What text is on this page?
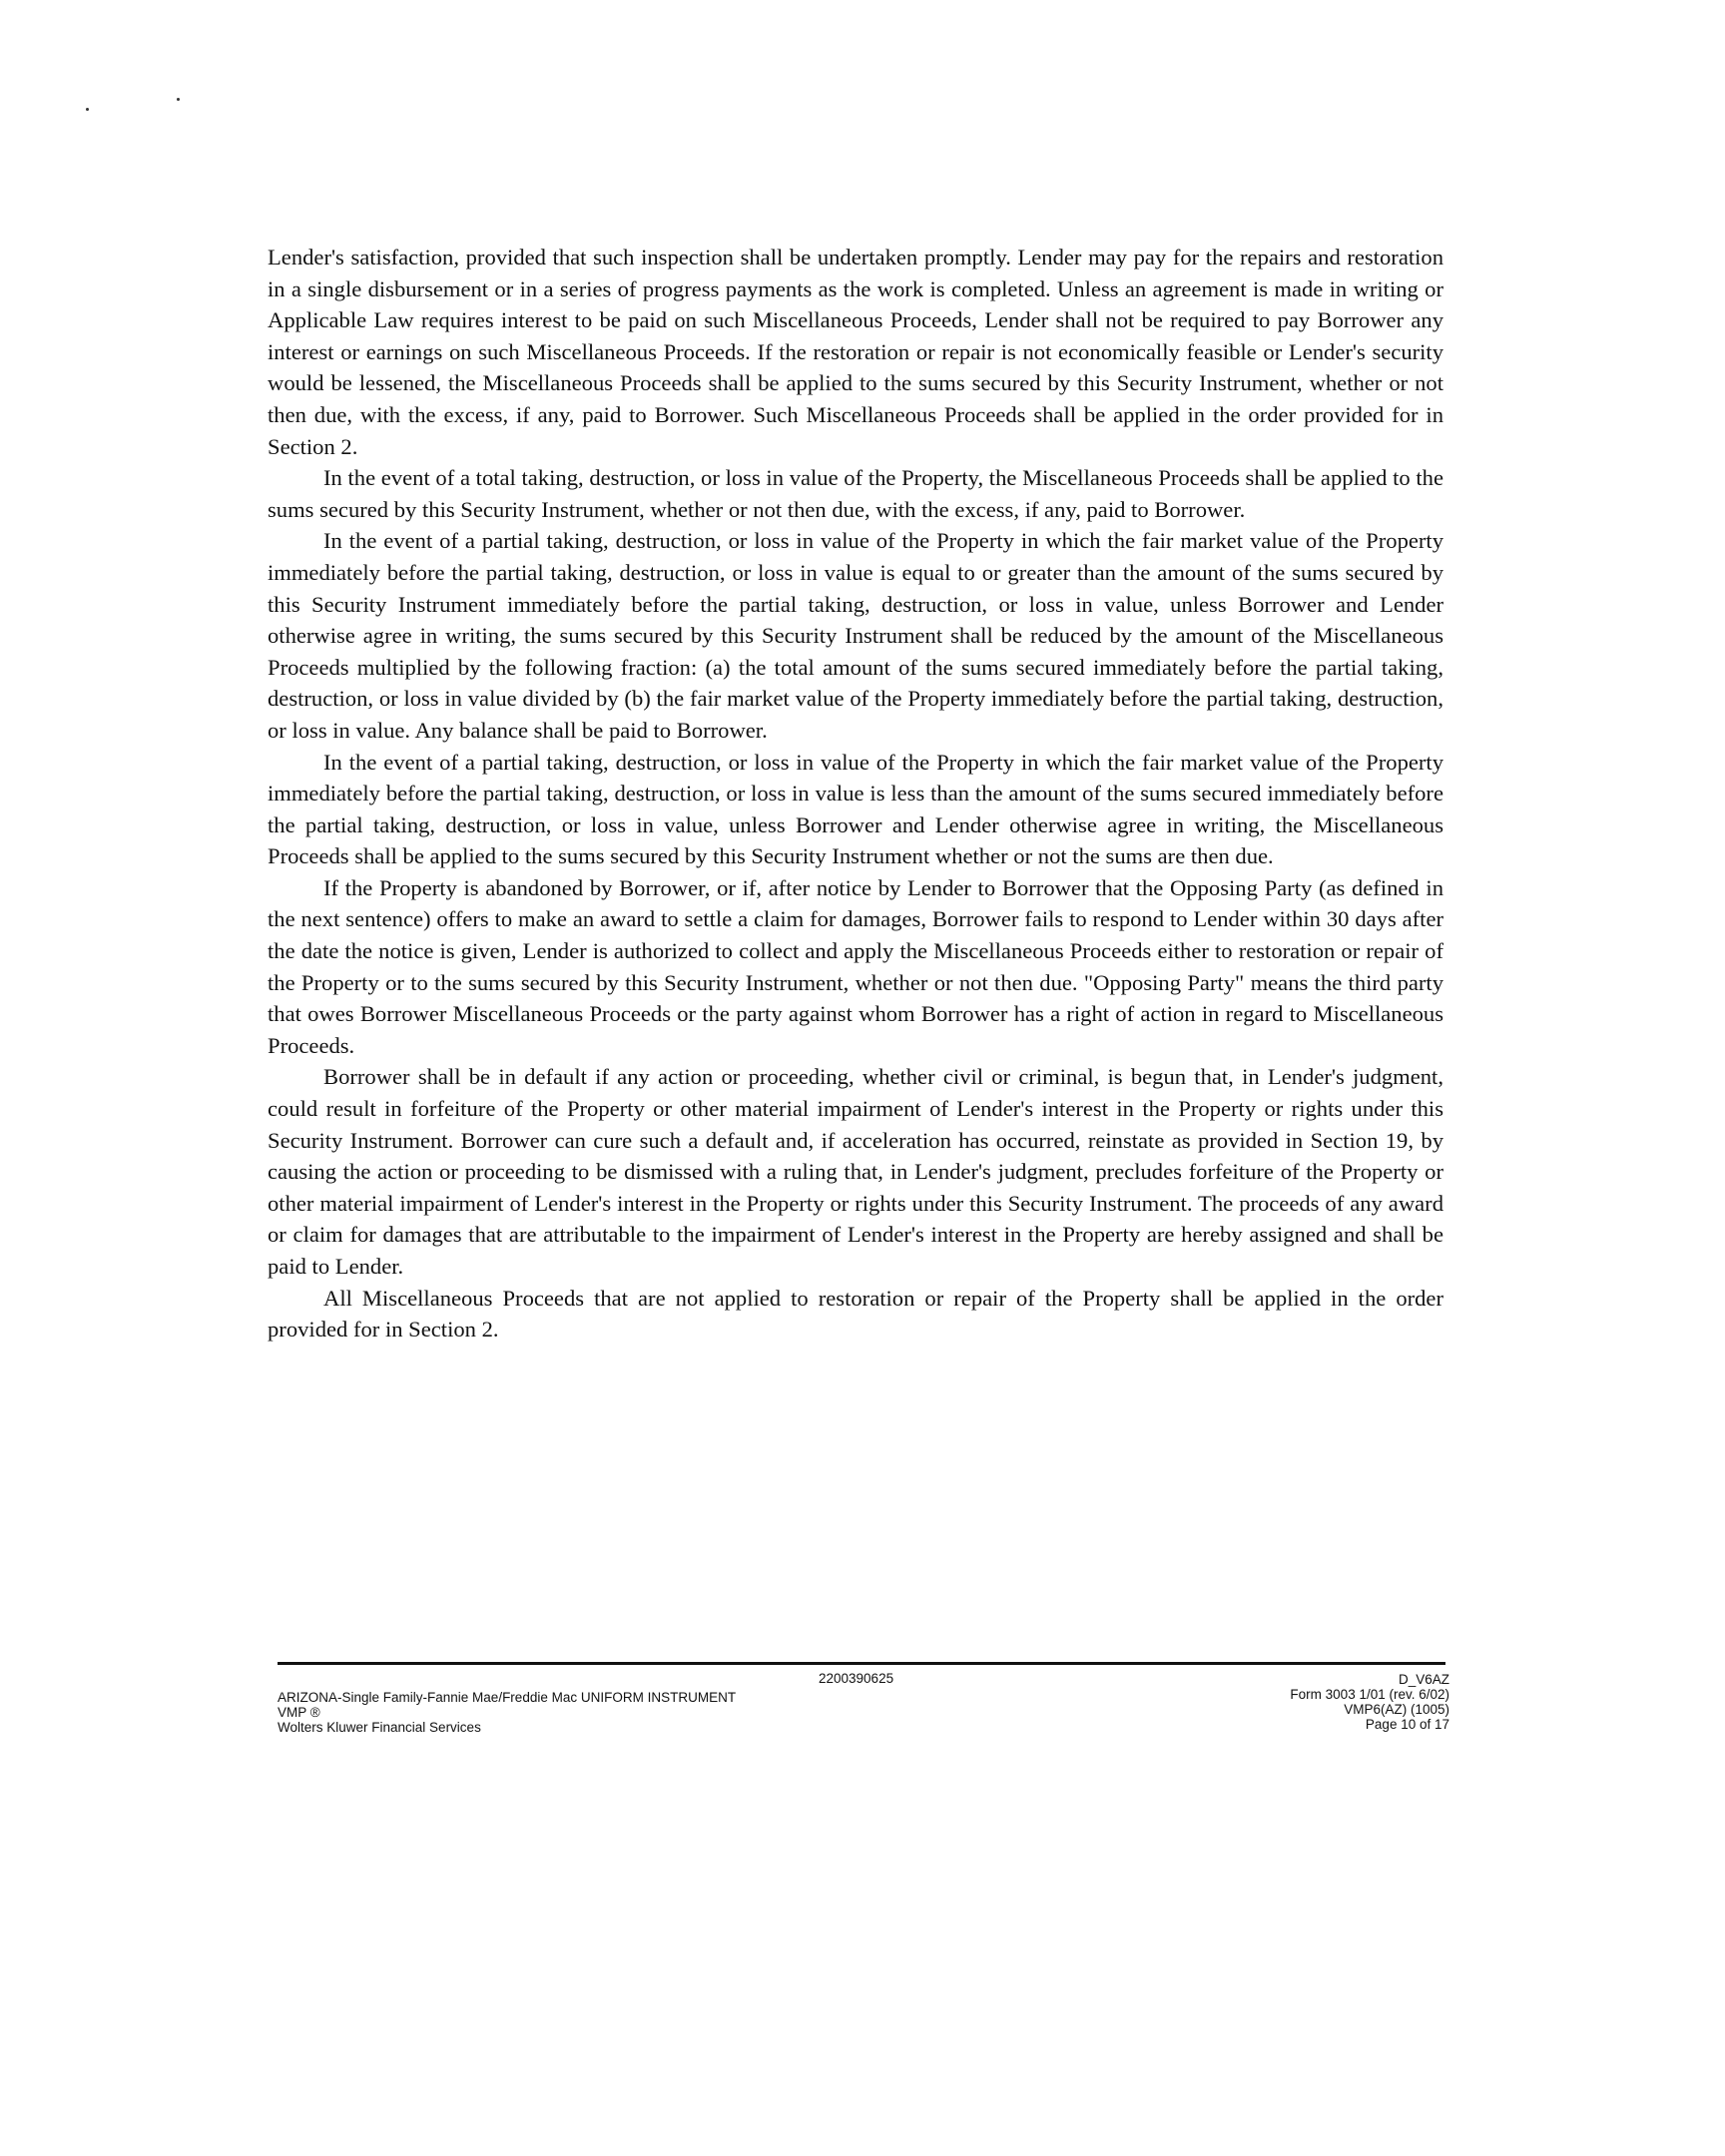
Lender's satisfaction, provided that such inspection shall be undertaken promptly. Lender may pay for the repairs and restoration in a single disbursement or in a series of progress payments as the work is completed. Unless an agreement is made in writing or Applicable Law requires interest to be paid on such Miscellaneous Proceeds, Lender shall not be required to pay Borrower any interest or earnings on such Miscellaneous Proceeds. If the restoration or repair is not economically feasible or Lender's security would be lessened, the Miscellaneous Proceeds shall be applied to the sums secured by this Security Instrument, whether or not then due, with the excess, if any, paid to Borrower. Such Miscellaneous Proceeds shall be applied in the order provided for in Section 2.

In the event of a total taking, destruction, or loss in value of the Property, the Miscellaneous Proceeds shall be applied to the sums secured by this Security Instrument, whether or not then due, with the excess, if any, paid to Borrower.

In the event of a partial taking, destruction, or loss in value of the Property in which the fair market value of the Property immediately before the partial taking, destruction, or loss in value is equal to or greater than the amount of the sums secured by this Security Instrument immediately before the partial taking, destruction, or loss in value, unless Borrower and Lender otherwise agree in writing, the sums secured by this Security Instrument shall be reduced by the amount of the Miscellaneous Proceeds multiplied by the following fraction: (a) the total amount of the sums secured immediately before the partial taking, destruction, or loss in value divided by (b) the fair market value of the Property immediately before the partial taking, destruction, or loss in value. Any balance shall be paid to Borrower.

In the event of a partial taking, destruction, or loss in value of the Property in which the fair market value of the Property immediately before the partial taking, destruction, or loss in value is less than the amount of the sums secured immediately before the partial taking, destruction, or loss in value, unless Borrower and Lender otherwise agree in writing, the Miscellaneous Proceeds shall be applied to the sums secured by this Security Instrument whether or not the sums are then due.

If the Property is abandoned by Borrower, or if, after notice by Lender to Borrower that the Opposing Party (as defined in the next sentence) offers to make an award to settle a claim for damages, Borrower fails to respond to Lender within 30 days after the date the notice is given, Lender is authorized to collect and apply the Miscellaneous Proceeds either to restoration or repair of the Property or to the sums secured by this Security Instrument, whether or not then due. "Opposing Party" means the third party that owes Borrower Miscellaneous Proceeds or the party against whom Borrower has a right of action in regard to Miscellaneous Proceeds.

Borrower shall be in default if any action or proceeding, whether civil or criminal, is begun that, in Lender's judgment, could result in forfeiture of the Property or other material impairment of Lender's interest in the Property or rights under this Security Instrument. Borrower can cure such a default and, if acceleration has occurred, reinstate as provided in Section 19, by causing the action or proceeding to be dismissed with a ruling that, in Lender's judgment, precludes forfeiture of the Property or other material impairment of Lender's interest in the Property or rights under this Security Instrument. The proceeds of any award or claim for damages that are attributable to the impairment of Lender's interest in the Property are hereby assigned and shall be paid to Lender.

All Miscellaneous Proceeds that are not applied to restoration or repair of the Property shall be applied in the order provided for in Section 2.

2200390625
ARIZONA-Single Family-Fannie Mae/Freddie Mac UNIFORM INSTRUMENT
VMP ®
Wolters Kluwer Financial Services
D_V6AZ
Form 3003 1/01 (rev. 6/02)
VMP6(AZ) (1005)
Page 10 of 17
